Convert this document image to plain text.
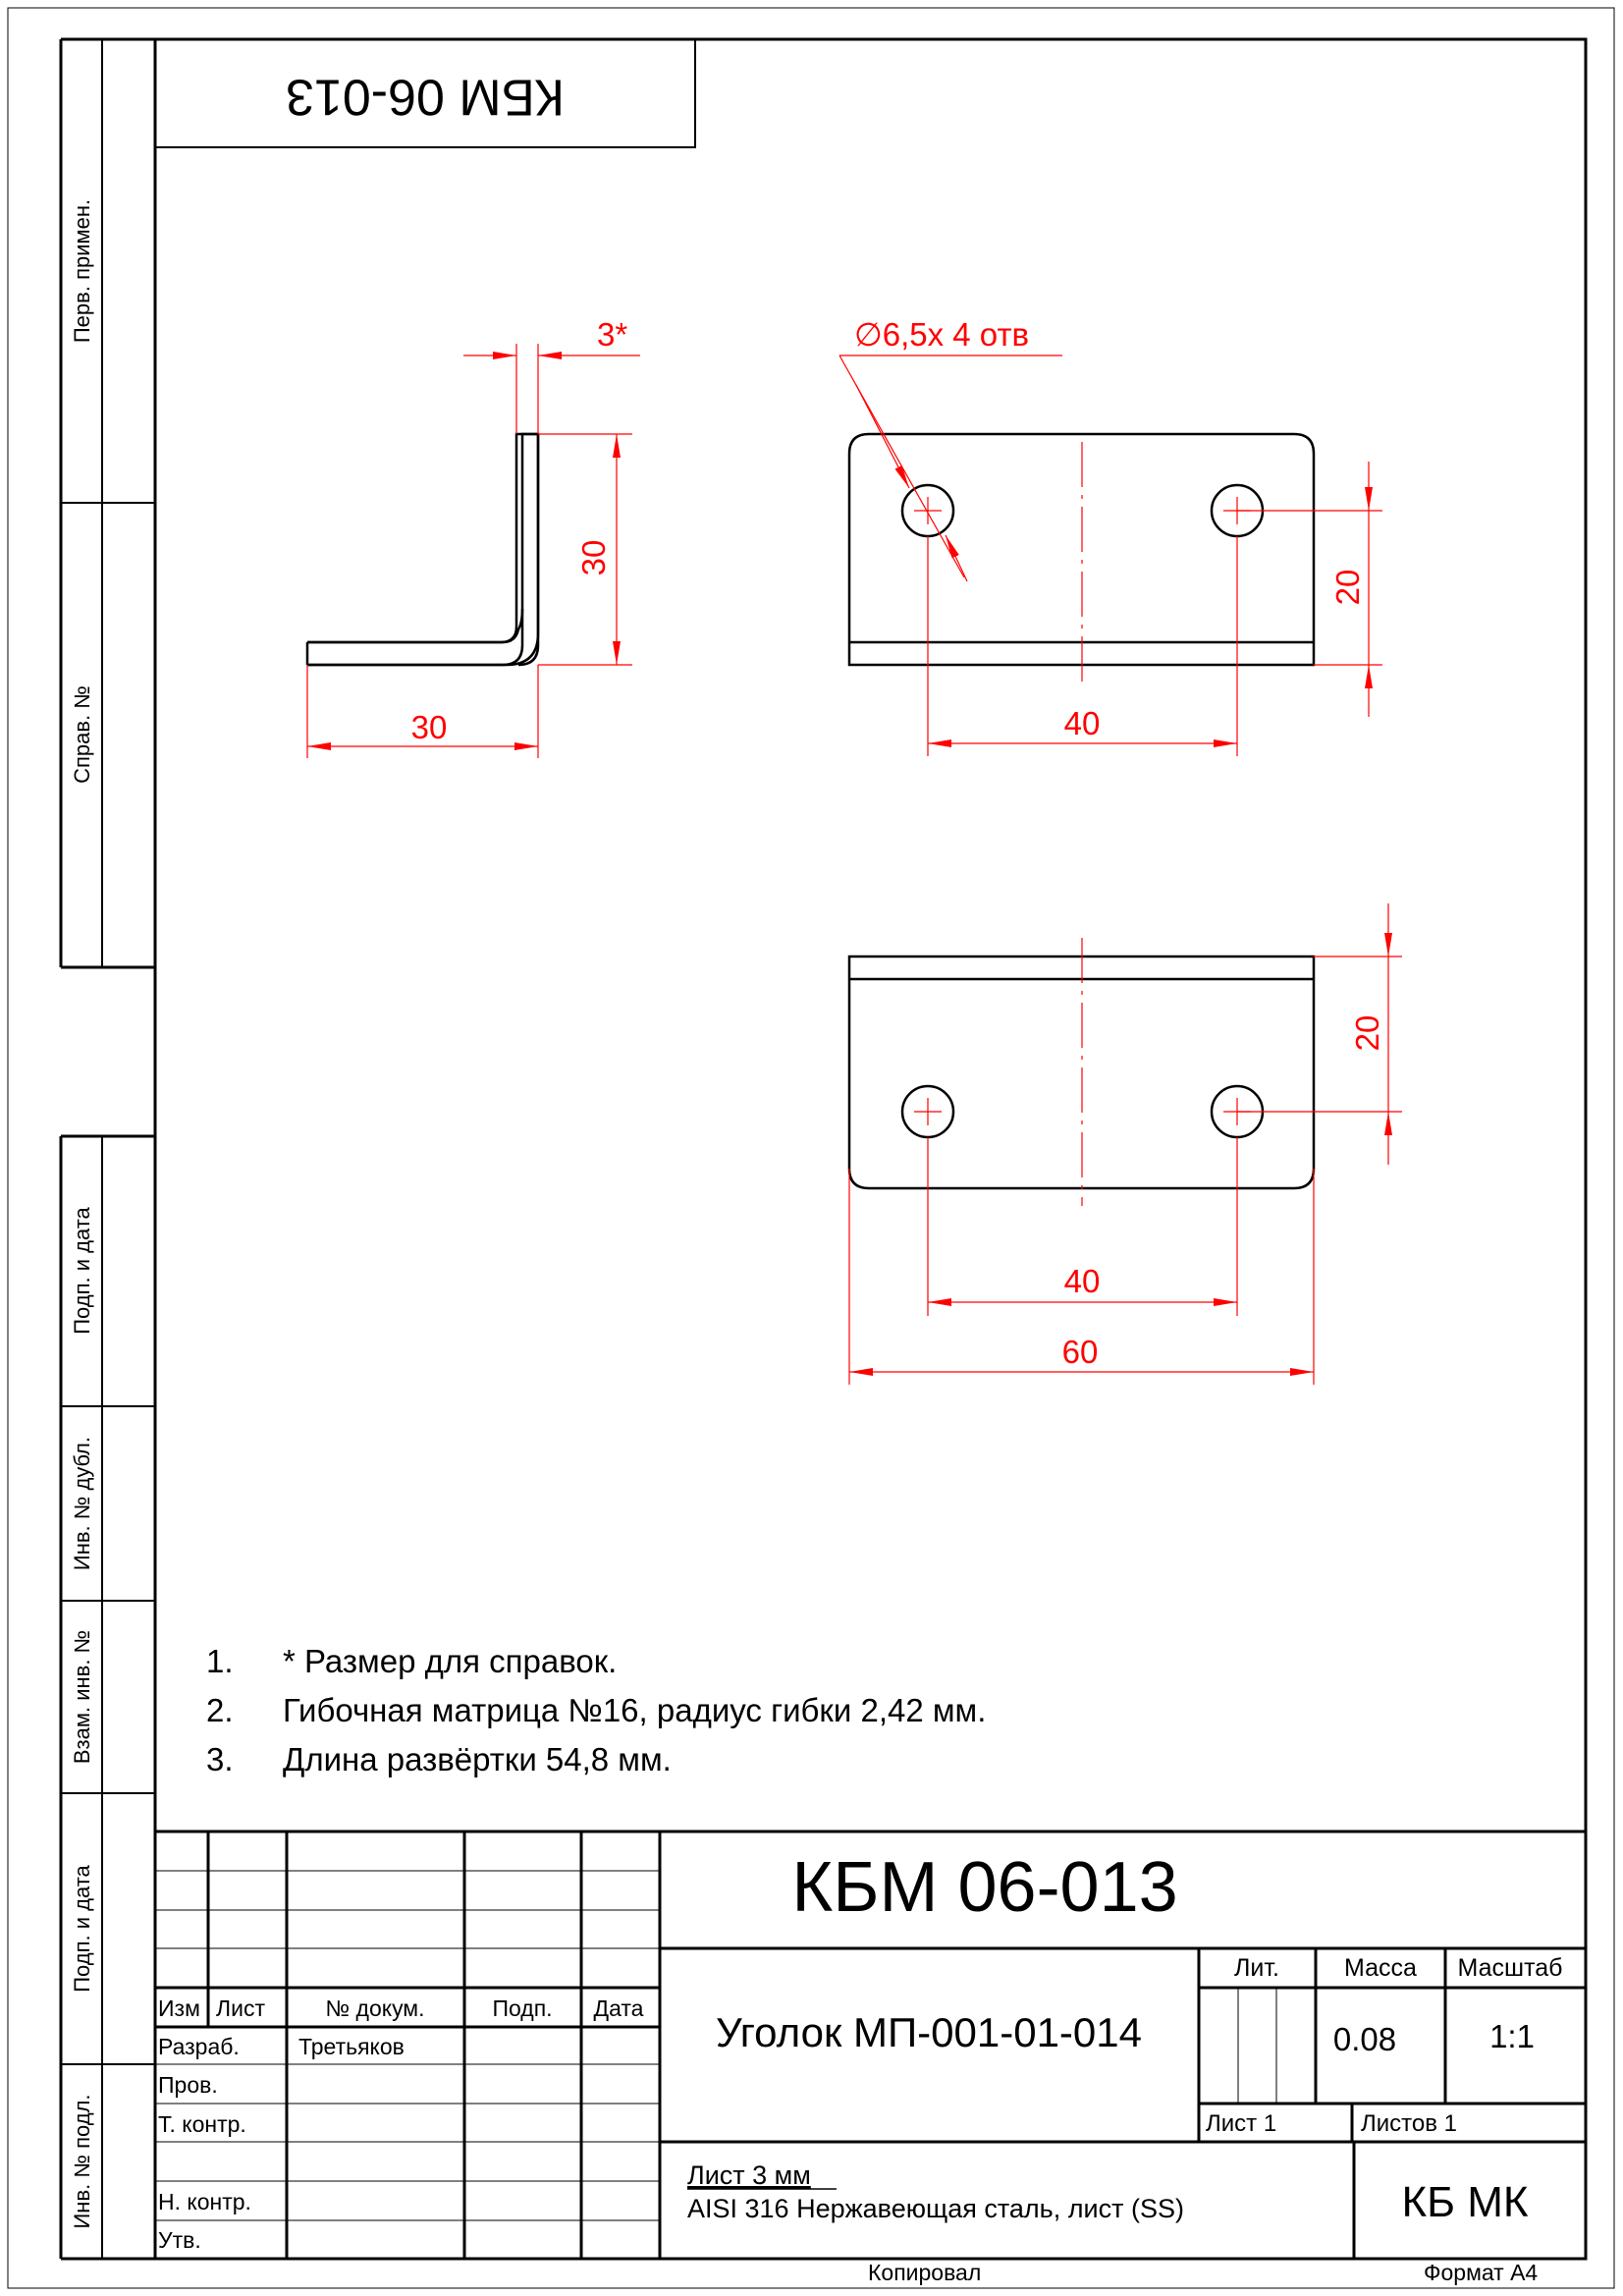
Перв. примен.
Справ. №
Подп. и дата
Инв. № дубл.
Взам. инв. №
Подп. и дата
Инв. № подл.
КБМ 06-013
3*
30
30
∅6,5х 4 отв
20
40
20
40
60
1. * Размер для справок.
2. Гибочная матрица №16, радиус гибки 2,42 мм.
3. Длина развёртки 54,8 мм.
Изм Лист	№ докум.	Подп. Дата
Разраб.	Третьяков
Пров.
Т. контр.
Н. контр.
Утв.
КБМ 06-013
Уголок МП-001-01-014
Лит.	Масса Масштаб
0.08	1:1
Лист 1	Листов 1
Лист 3 мм
AISI 316 Нержавеющая сталь, лист (SS)	КБ МК
Копировал	Формат A4
